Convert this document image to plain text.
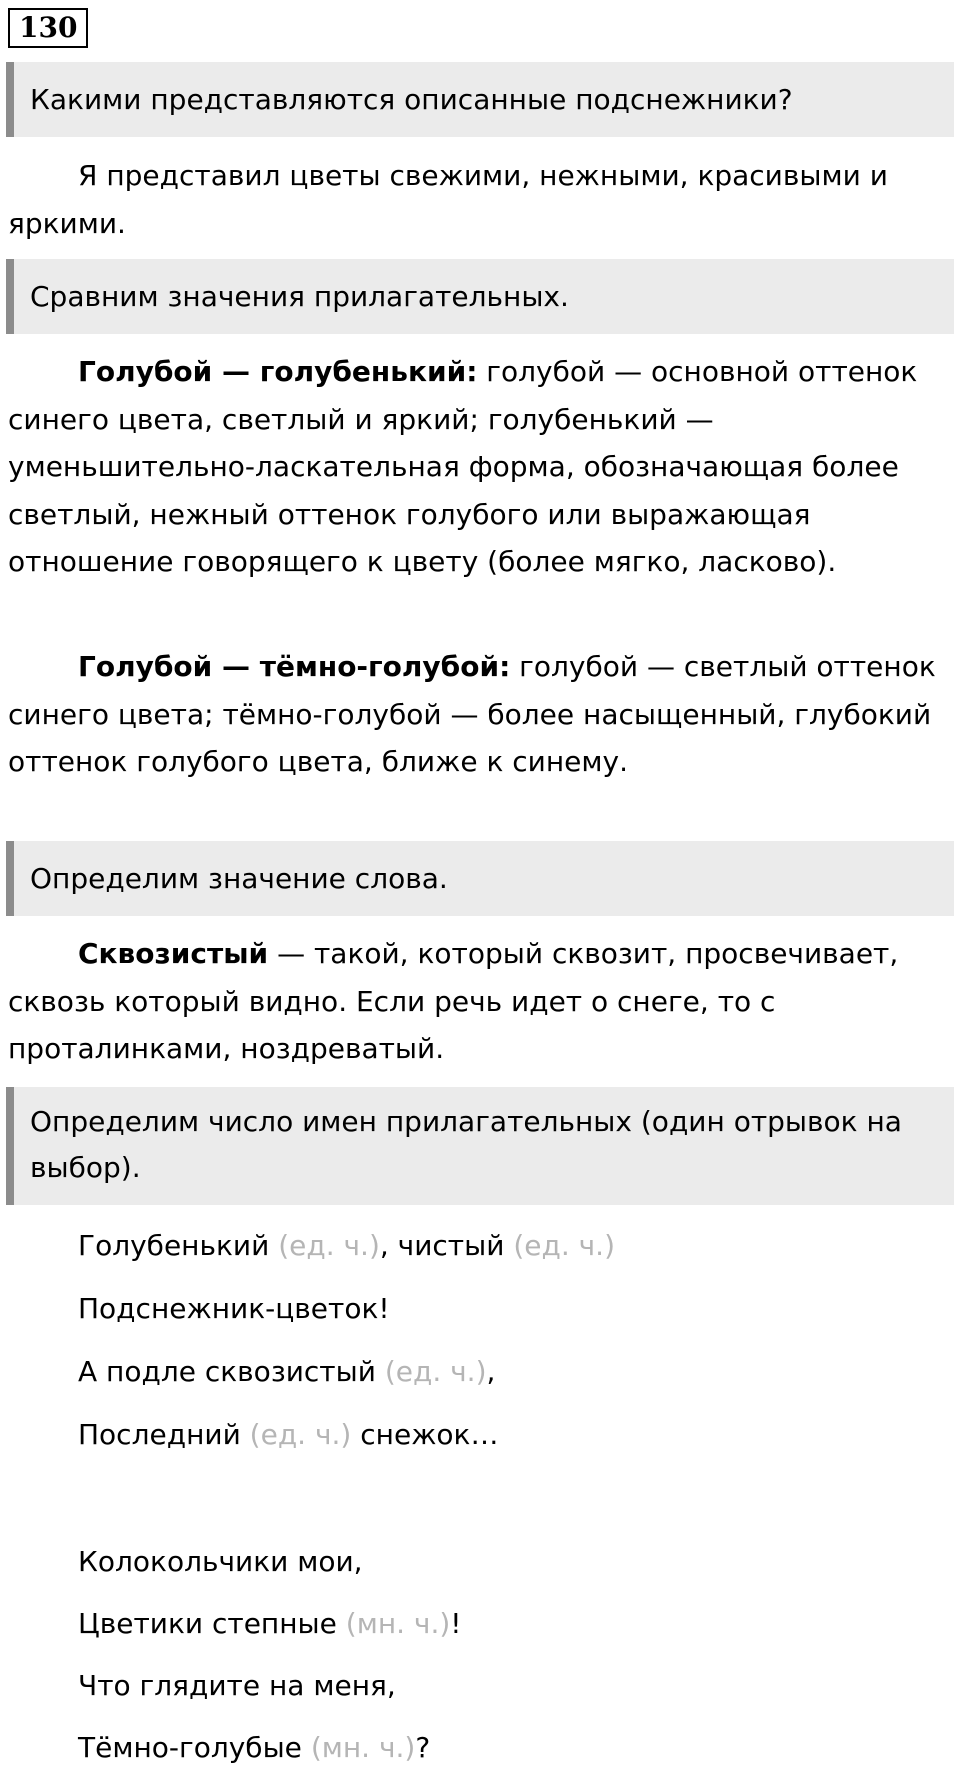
130
Какими представляются описанные подснежники?

Я представил цветы свежими, нежными, красивыми и яркими.

Сравним значения прилагательных.

Голубой — голубенький: голубой — основной оттенок синего цвета, светлый и яркий; голубенький — уменьшительно-ласкательная форма, обозначающая более светлый, нежный оттенок голубого или выражающая отношение говорящего к цвету (более мягко, ласково).

Голубой — тёмно-голубой: голубой — светлый оттенок синего цвета; тёмно-голубой — более насыщенный, глубокий оттенок голубого цвета, ближе к синему.

Определим значение слова.

Сквозистый — такой, который сквозит, просвечивает, сквозь который видно. Если речь идет о снеге, то с проталинками, ноздреватый.

Определим число имен прилагательных (один отрывок на выбор).
Голубенький (ед. ч.), чистый (ед. ч.)
Подснежник-цветок!
А подле сквозистый (ед. ч.),
Последний (ед. ч.) снежок…
Колокольчики мои,
Цветики степные (мн. ч.)!
Что глядите на меня,
Тёмно-голубые (мн. ч.)?
